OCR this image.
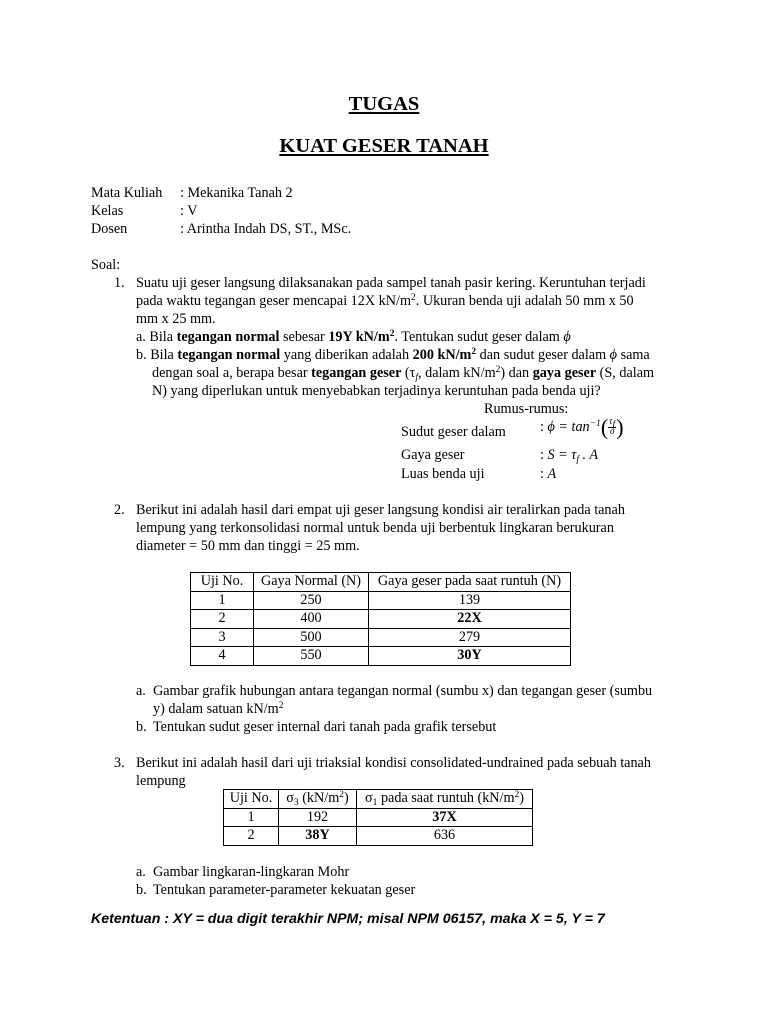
TUGAS
KUAT GESER TANAH
Mata Kuliah : Mekanika Tanah 2
Kelas	: V
Dosen	: Arintha Indah DS, ST., MSc.
Soal:
1. Suatu uji geser langsung dilaksanakan pada sampel tanah pasir kering. Keruntuhan terjadi
pada waktu tegangan geser mencapai 12X $kN/m^2$. Ukuran benda uji adalah 50 mm x 50
mm x 25 mm.
a. Bila tegangan normal sebesar 19Y $kN/m^2$. Tentukan sudut geser dalam ϕ
b. Bila tegangan normal yang diberikan adalah 200 $kN/m^2$ dan sudut geser dalam ϕ sama
dengan soal a, berapa besar tegangan geser ($\tau_f$, dalam $kN/m^2$) dan gaya geser (S, dalam
N) yang diperlukan untuk menyebabkan terjadinya keruntuhan pada benda uji?
Rumus-rumus:
Sudut geser dalam : $\phi = \tan^{-1}( \frac{\tau_f}{\sigma}$ )
Gaya geser	: $S = \tau_f$ . A
Luas benda uji	: A
2. Berikut ini adalah hasil dari empat uji geser langsung kondisi air teralirkan pada tanah
lempung yang terkonsolidasi normal untuk benda uji berbentuk lingkaran berukuran
diameter = 50 mm dan tinggi = 25 mm.
Uji No.	Gaya Normal (N)	Gaya geser pada saat runtuh (N)
1	250	139
2	400	22X
3	500	279
4	550	30Y
a. Gambar grafik hubungan antara tegangan normal (sumbu x) dan tegangan geser (sumbu
y) dalam satuan $kN/m^2$
b. Tentukan sudut geser internal dari tanah pada grafik tersebut
3. Berikut ini adalah hasil dari uji triaksial kondisi consolidated-undrained pada sebuah tanah
lempung
Uji No.	$\sigma_3$ $(kN/m^2)$	$\sigma_1$ pada saat runtuh $(kN/m^2)$
1	192	37X
2	38Y	636
a. Gambar lingkaran-lingkaran Mohr
b. Tentukan parameter-parameter kekuatan geser
Ketentuan : XY = dua digit terakhir NPM; misal NPM 06157, maka X = 5, Y = 7
